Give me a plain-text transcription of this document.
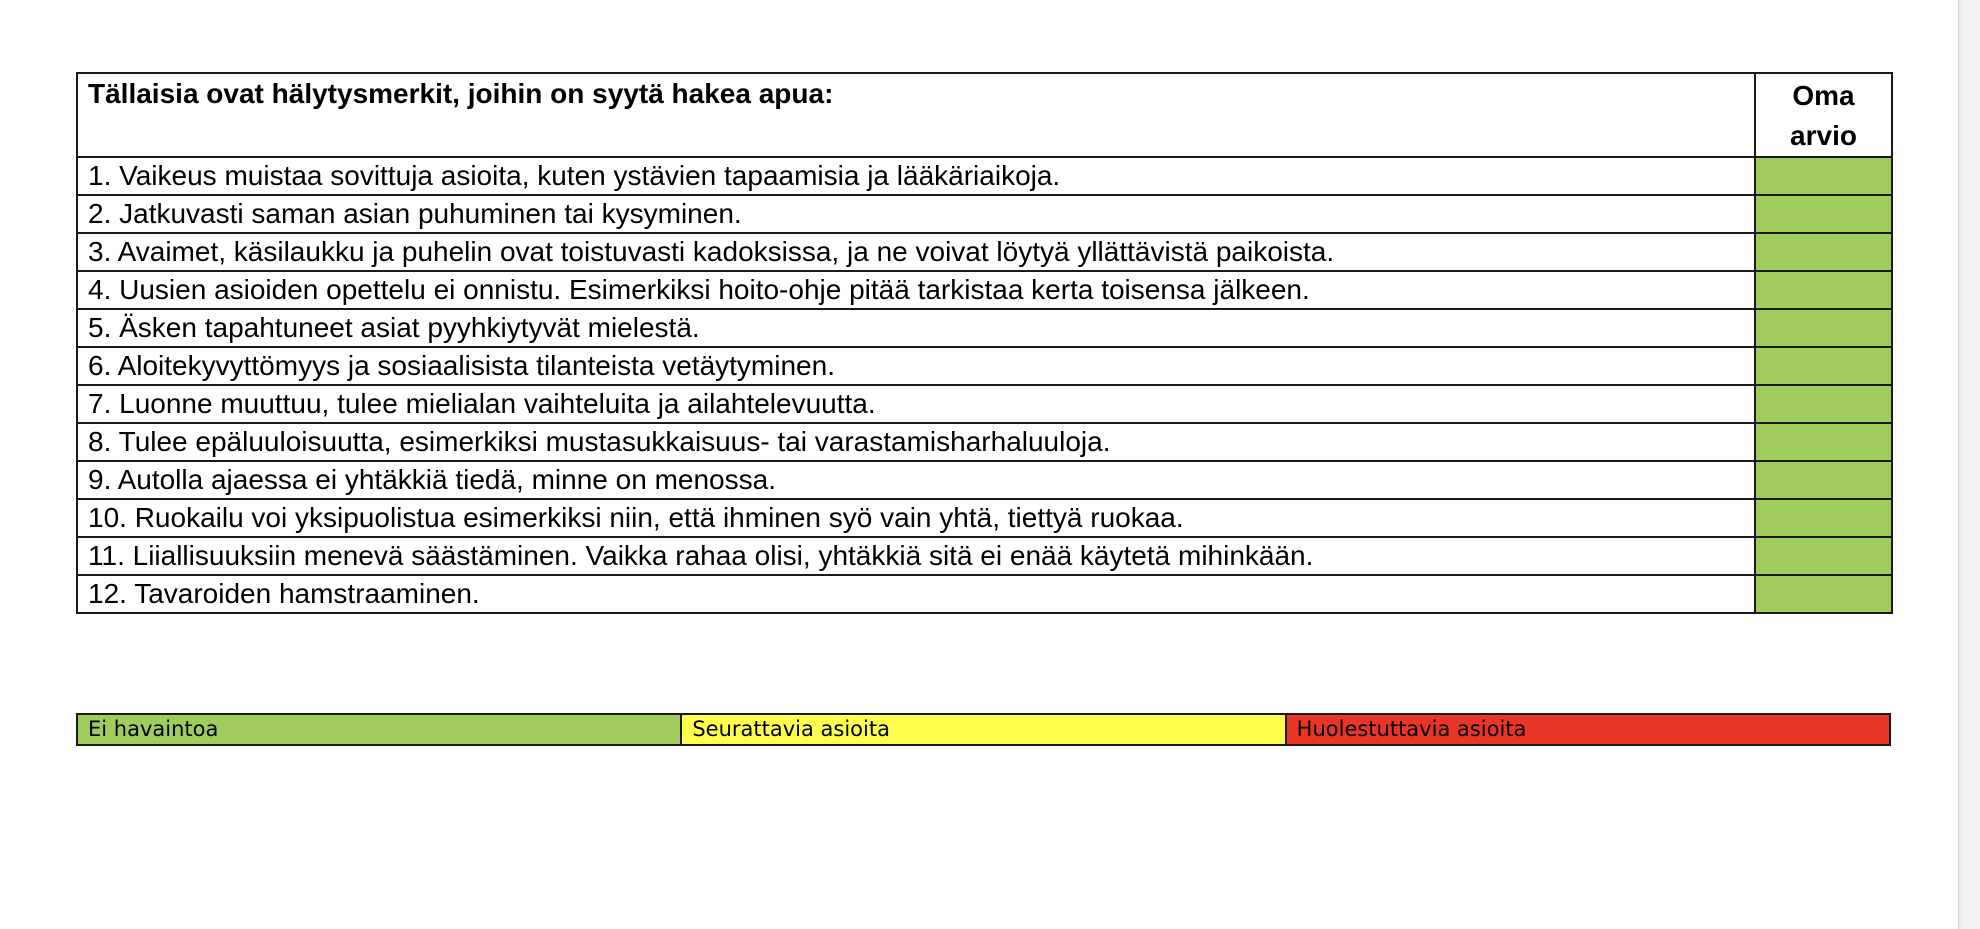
Tällaisia ovat hälytysmerkit, joihin on syytä hakea apua:	Oma
arvio
1. Vaikeus muistaa sovittuja asioita, kuten ystävien tapaamisia ja lääkäriaikoja.	
2. Jatkuvasti saman asian puhuminen tai kysyminen.	
3. Avaimet, käsilaukku ja puhelin ovat toistuvasti kadoksissa, ja ne voivat löytyä yllättävistä paikoista.	
4. Uusien asioiden opettelu ei onnistu. Esimerkiksi hoito-ohje pitää tarkistaa kerta toisensa jälkeen.	
5. Äsken tapahtuneet asiat pyyhkiytyvät mielestä.	
6. Aloitekyvyttömyys ja sosiaalisista tilanteista vetäytyminen.	
7. Luonne muuttuu, tulee mielialan vaihteluita ja ailahtelevuutta.	
8. Tulee epäluuloisuutta, esimerkiksi mustasukkaisuus- tai varastamisharhaluuloja.	
9. Autolla ajaessa ei yhtäkkiä tiedä, minne on menossa.	
10. Ruokailu voi yksipuolistua esimerkiksi niin, että ihminen syö vain yhtä, tiettyä ruokaa.	
11. Liiallisuuksiin menevä säästäminen. Vaikka rahaa olisi, yhtäkkiä sitä ei enää käytetä mihinkään.	
12. Tavaroiden hamstraaminen.	
Ei havaintoa	Seurattavia asioita	Huolestuttavia asioita
